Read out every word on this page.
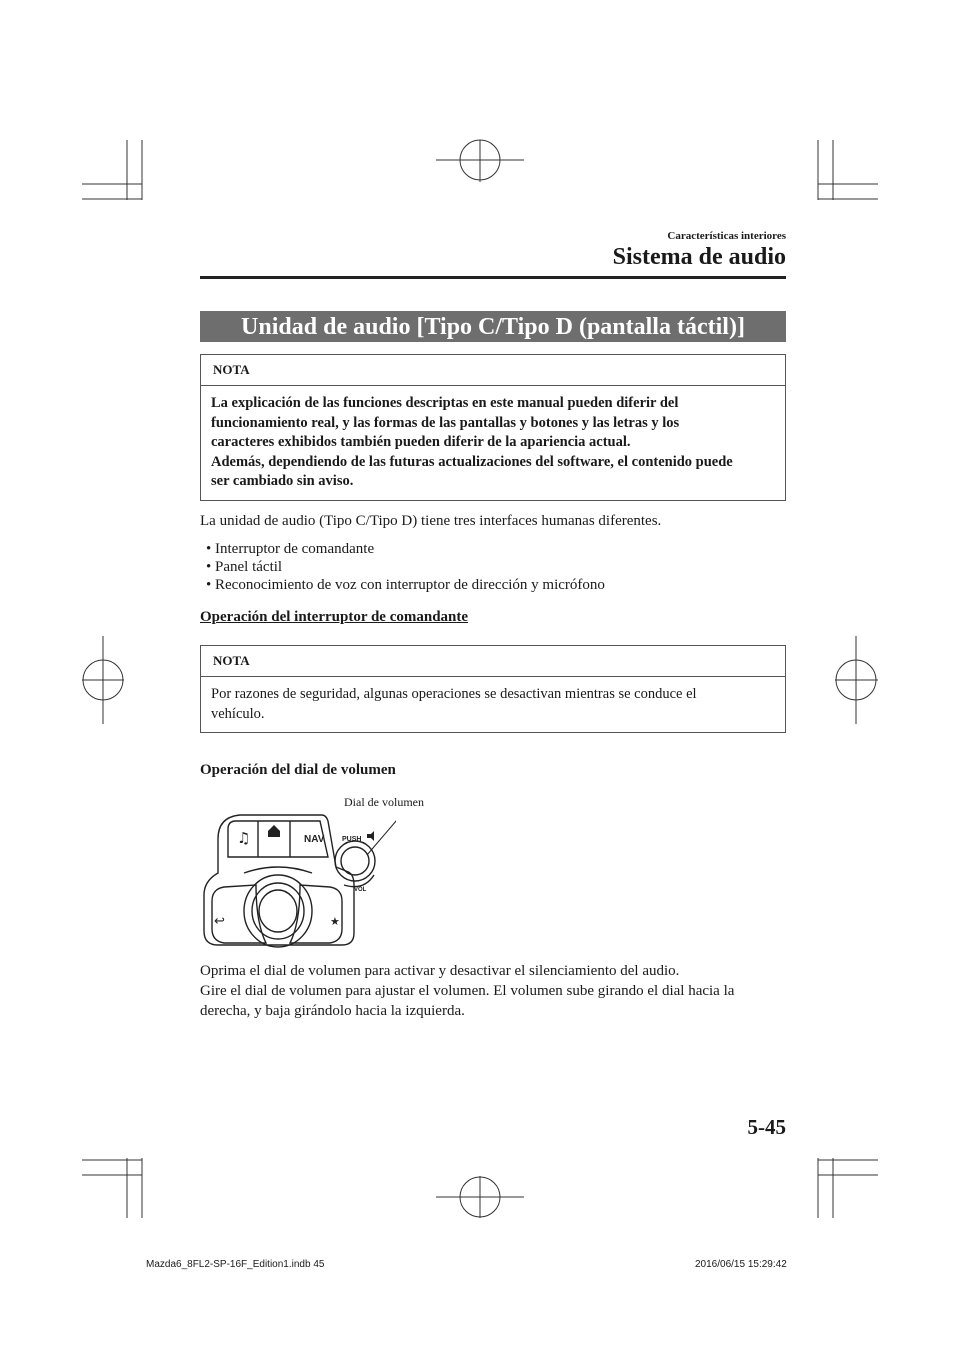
Características interiores
Sistema de audio
Unidad de audio [Tipo C/Tipo D (pantalla táctil)]
NOTA

La explicación de las funciones descriptas en este manual pueden diferir del

funcionamiento real, y las formas de las pantallas y botones y las letras y los

caracteres exhibidos también pueden diferir de la apariencia actual.

Además, dependiendo de las futuras actualizaciones del software, el contenido puede

ser cambiado sin aviso.

La unidad de audio (Tipo C/Tipo D) tiene tres interfaces humanas diferentes.
• Interruptor de comandante
• Panel táctil
• Reconocimiento de voz con interruptor de dirección y micrófono
Operación del interruptor de comandante
NOTA

Por razones de seguridad, algunas operaciones se desactivan mientras se conduce el

vehículo.

Operación del dial de volumen
Dial de volumen
♫	NAV	PUSH
VOL
↩	★

Oprima el dial de volumen para activar y desactivar el silenciamiento del audio.

Gire el dial de volumen para ajustar el volumen. El volumen sube girando el dial hacia la

derecha, y baja girándolo hacia la izquierda.

5-45
Mazda6_8FL2-SP-16F_Edition1.indb 45	2016/06/15 15:29:42
